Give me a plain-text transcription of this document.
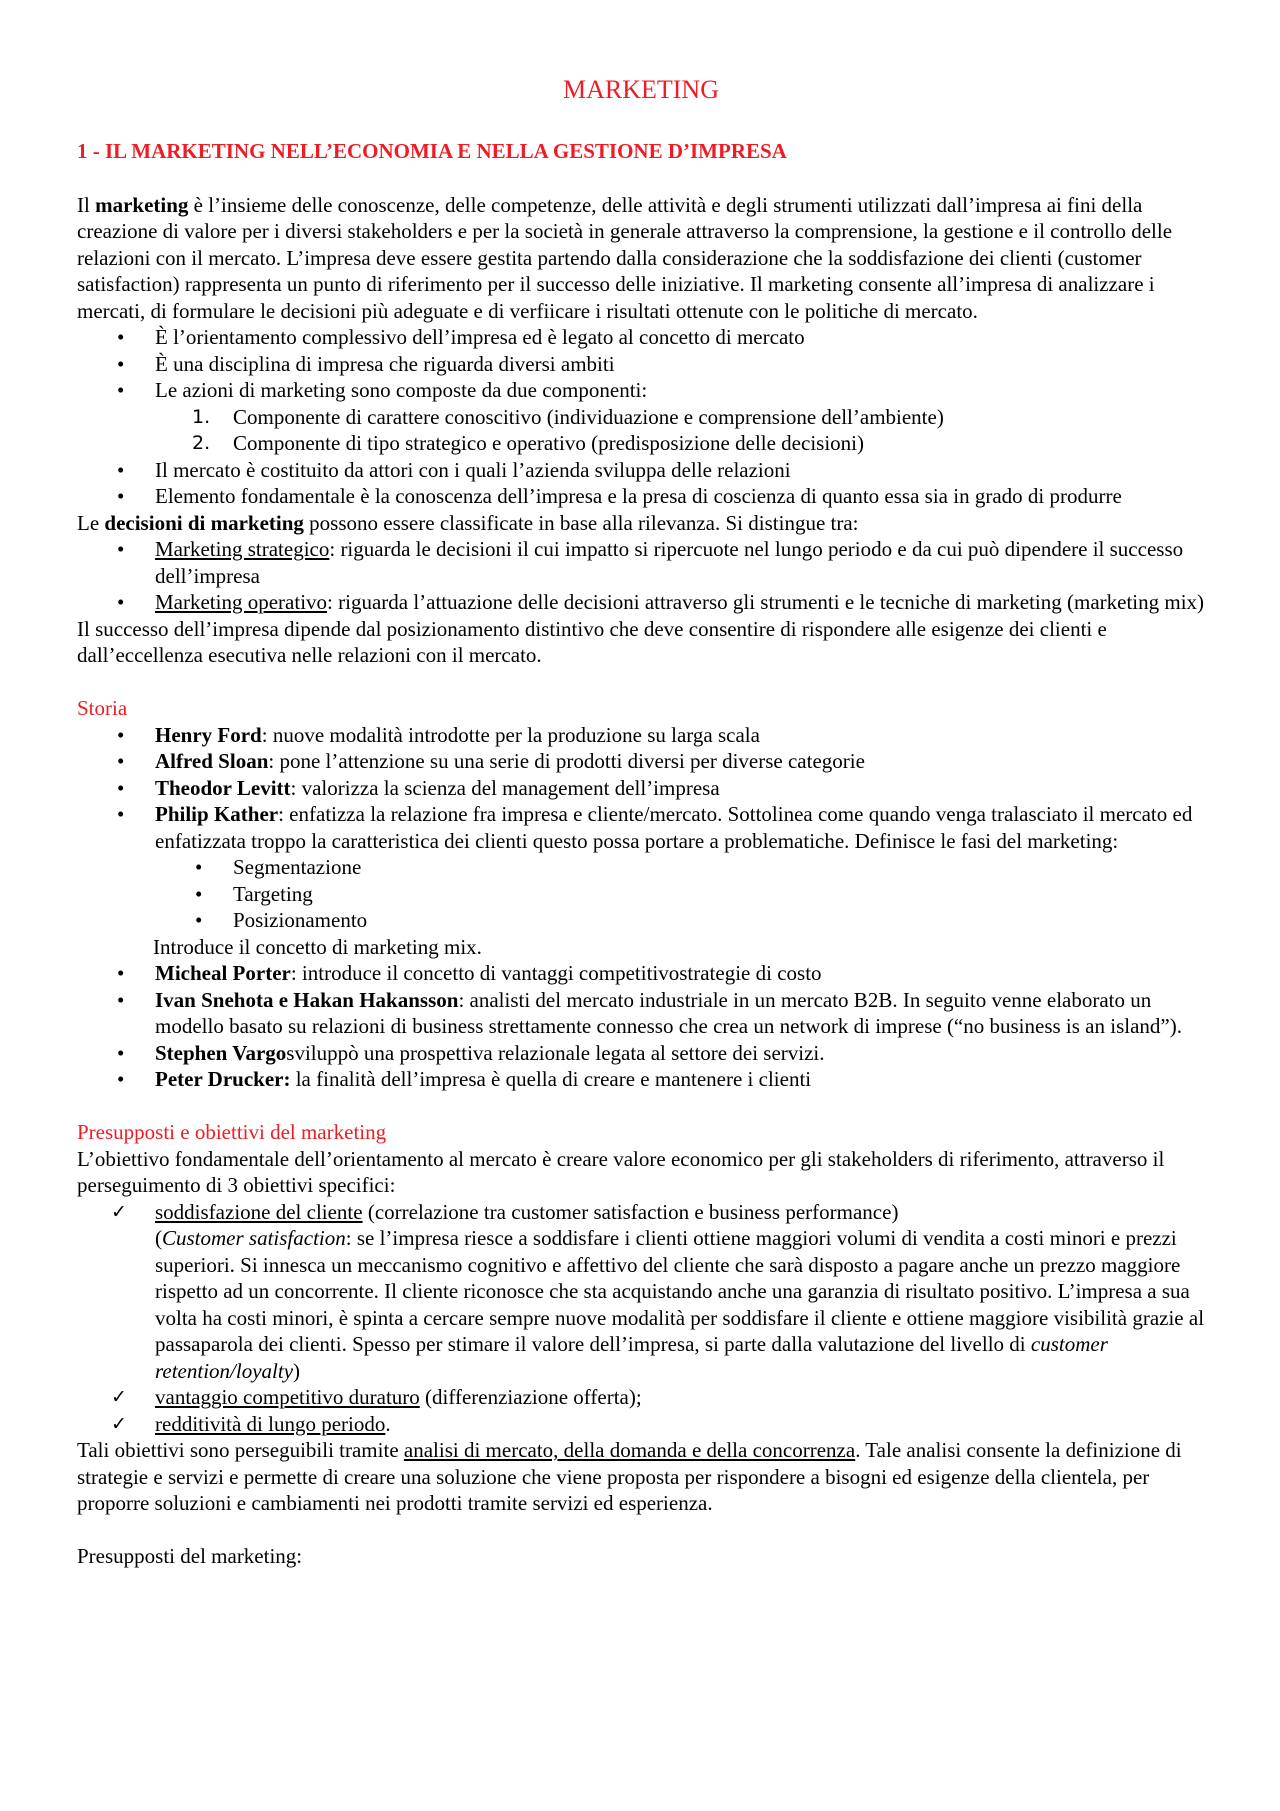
MARKETING
1 - IL MARKETING NELL’ECONOMIA E NELLA GESTIONE D’IMPRESA

Il marketing è l’insieme delle conoscenze, delle competenze, delle attività e degli strumenti utilizzati dall’impresa ai fini della creazione di valore per i diversi stakeholders e per la società in generale attraverso la comprensione, la gestione e il controllo delle relazioni con il mercato. L’impresa deve essere gestita partendo dalla considerazione che la soddisfazione dei clienti (customer satisfaction) rappresenta un punto di riferimento per il successo delle iniziative. Il marketing consente all’impresa di analizzare i mercati, di formulare le decisioni più adeguate e di verfiicare i risultati ottenute con le politiche di mercato.

• È l’orientamento complessivo dell’impresa ed è legato al concetto di mercato
• È una disciplina di impresa che riguarda diversi ambiti
• Le azioni di marketing sono composte da due componenti:
1. Componente di carattere conoscitivo (individuazione e comprensione dell’ambiente)
2. Componente di tipo strategico e operativo (predisposizione delle decisioni)
• Il mercato è costituito da attori con i quali l’azienda sviluppa delle relazioni
• Elemento fondamentale è la conoscenza dell’impresa e la presa di coscienza di quanto essa sia in grado di produrre

Le decisioni di marketing possono essere classificate in base alla rilevanza. Si distingue tra:

• Marketing strategico: riguarda le decisioni il cui impatto si ripercuote nel lungo periodo e da cui può dipendere il successo dell’impresa
• Marketing operativo: riguarda l’attuazione delle decisioni attraverso gli strumenti e le tecniche di marketing (marketing mix)

Il successo dell’impresa dipende dal posizionamento distintivo che deve consentire di rispondere alle esigenze dei clienti e dall’eccellenza esecutiva nelle relazioni con il mercato.

Storia

• Henry Ford: nuove modalità introdotte per la produzione su larga scala
• Alfred Sloan: pone l’attenzione su una serie di prodotti diversi per diverse categorie
• Theodor Levitt: valorizza la scienza del management dell’impresa
• Philip Kather: enfatizza la relazione fra impresa e cliente/mercato. Sottolinea come quando venga tralasciato il mercato ed enfatizzata troppo la caratteristica dei clienti questo possa portare a problematiche. Definisce le fasi del marketing:
• Segmentazione
• Targeting
• Posizionamento

Introduce il concetto di marketing mix.

• Micheal Porter: introduce il concetto di vantaggi competitivostrategie di costo
• Ivan Snehota e Hakan Hakansson: analisti del mercato industriale in un mercato B2B. In seguito venne elaborato un modello basato su relazioni di business strettamente connesso che crea un network di imprese (“no business is an island”).
• Stephen Vargosviluppò una prospettiva relazionale legata al settore dei servizi.
• Peter Drucker: la finalità dell’impresa è quella di creare e mantenere i clienti

Presupposti e obiettivi del marketing

L’obiettivo fondamentale dell’orientamento al mercato è creare valore economico per gli stakeholders di riferimento, attraverso il perseguimento di 3 obiettivi specifici:

✓ soddisfazione del cliente (correlazione tra customer satisfaction e business performance)
(Customer satisfaction: se l’impresa riesce a soddisfare i clienti ottiene maggiori volumi di vendita a costi minori e prezzi superiori. Si innesca un meccanismo cognitivo e affettivo del cliente che sarà disposto a pagare anche un prezzo maggiore rispetto ad un concorrente. Il cliente riconosce che sta acquistando anche una garanzia di risultato positivo. L’impresa a sua volta ha costi minori, è spinta a cercare sempre nuove modalità per soddisfare il cliente e ottiene maggiore visibilità grazie al passaparola dei clienti. Spesso per stimare il valore dell’impresa, si parte dalla valutazione del livello di customer retention/loyalty)
✓ vantaggio competitivo duraturo (differenziazione offerta);
✓ redditività di lungo periodo.

Tali obiettivi sono perseguibili tramite analisi di mercato, della domanda e della concorrenza. Tale analisi consente la definizione di strategie e servizi e permette di creare una soluzione che viene proposta per rispondere a bisogni ed esigenze della clientela, per proporre soluzioni e cambiamenti nei prodotti tramite servizi ed esperienza.

Presupposti del marketing:
